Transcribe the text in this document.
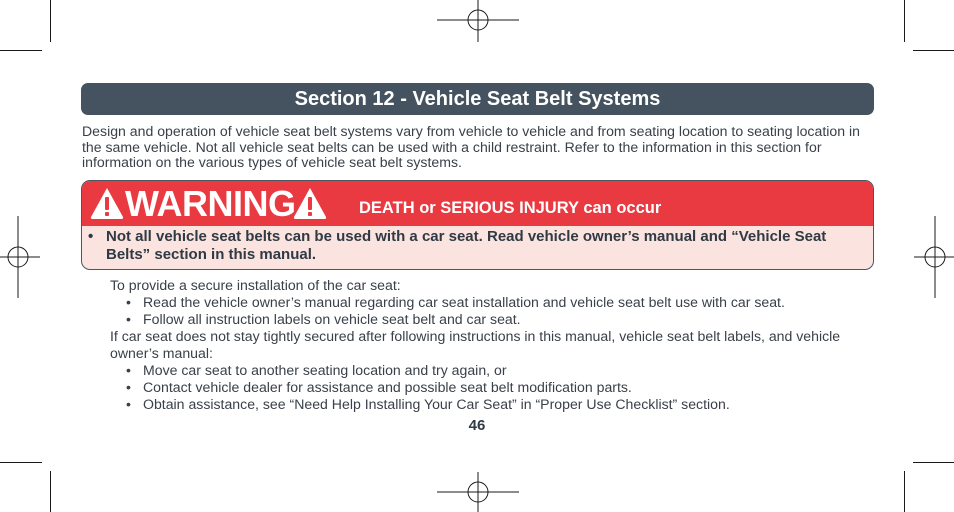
Section 12 - Vehicle Seat Belt Systems
Design and operation of vehicle seat belt systems vary from vehicle to vehicle and from seating location to seating location in the same vehicle. Not all vehicle seat belts can be used with a child restraint. Refer to the information in this section for information on the various types of vehicle seat belt systems.
WARNING	DEATH or SERIOUS INJURY can occur
• Not all vehicle seat belts can be used with a car seat. Read vehicle owner’s manual and “Vehicle Seat Belts” section in this manual.

To provide a secure installation of the car seat:

• Read the vehicle owner’s manual regarding car seat installation and vehicle seat belt use with car seat.
• Follow all instruction labels on vehicle seat belt and car seat.

If car seat does not stay tightly secured after following instructions in this manual, vehicle seat belt labels, and vehicle owner’s manual:

• Move car seat to another seating location and try again, or
• Contact vehicle dealer for assistance and possible seat belt modification parts.
• Obtain assistance, see “Need Help Installing Your Car Seat” in “Proper Use Checklist” section.
46
